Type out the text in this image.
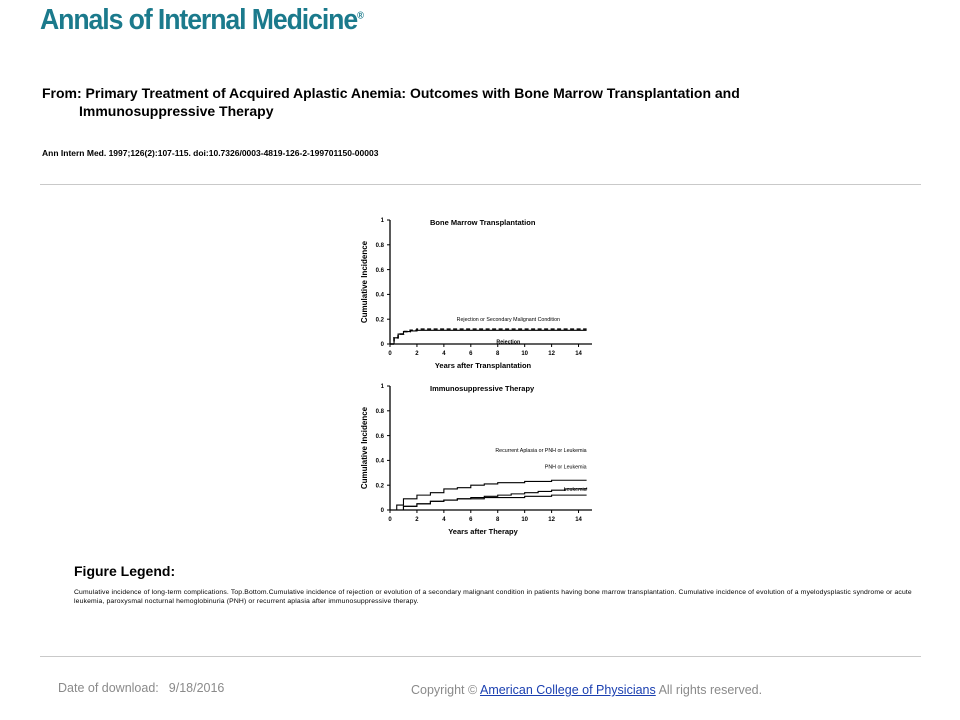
Annals of Internal Medicine®
From: Primary Treatment of Acquired Aplastic Anemia: Outcomes with Bone Marrow Transplantation and
Immunosuppressive Therapy
Ann Intern Med. 1997;126(2):107-115. doi:10.7326/0003-4819-126-2-199701150-00003
0
0.2
0.4
0.6
0.8
1
0	2	4	6	8	10	12	14
Years after Transplantation
Cumulative Incidence
Bone Marrow Transplantation
Rejection or Secondary Malignant Condition
Rejection
0
0.2
0.4
0.6
0.8
1
0	2	4	6	8	10	12	14
Years after Therapy
Cumulative Incidence
Immunosuppressive Therapy
Recurrent Aplasia or PNH or Leukemia
PNH or Leukemia
Leukemia
Figure Legend:
Cumulative incidence of long-term complications. Top.Bottom.Cumulative incidence of rejection or evolution of a secondary malignant condition in patients having bone marrow transplantation. Cumulative incidence of evolution of a myelodysplastic syndrome or acute leukemia, paroxysmal nocturnal hemoglobinuria (PNH) or recurrent aplasia after immunosuppressive therapy.
Date of download: 9/18/2016	Copyright © American College of Physicians All rights reserved.
